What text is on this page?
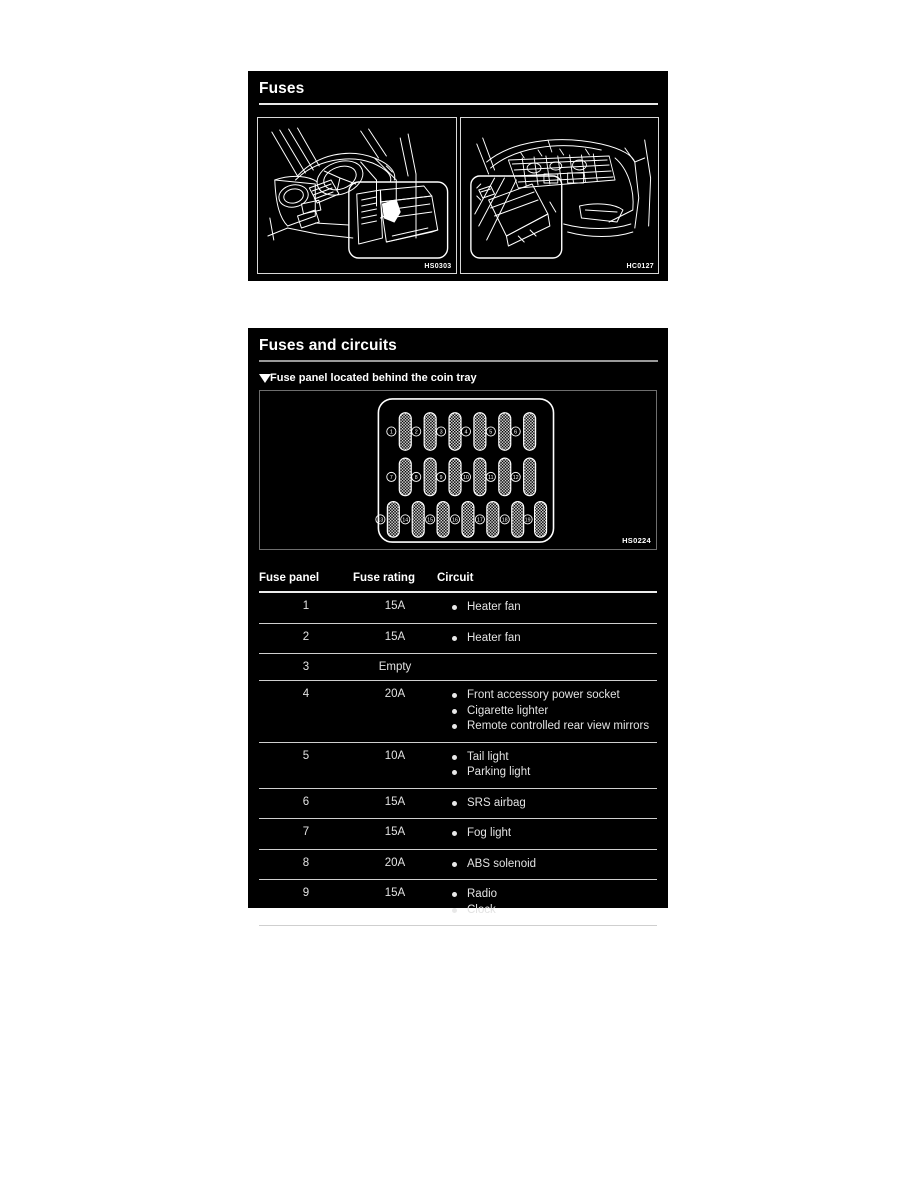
Fuses
HS0303	HC0127
Fuses and circuits
Fuse panel located behind the coin tray
1	2	3	4	5	6
7	8	9	10	11	12
13	14	15	16	17	18	19
HS0224
Fuse panel	Fuse rating	Circuit
1	15A	Heater fan

2	15A	Heater fan

3	Empty	

4	20A	Front accessory power socket
Cigarette lighter
Remote controlled rear view mirrors

5	10A	Tail light
Parking light

6	15A	SRS airbag

7	15A	Fog light

8	20A	ABS solenoid

9	15A	Radio
Clock
